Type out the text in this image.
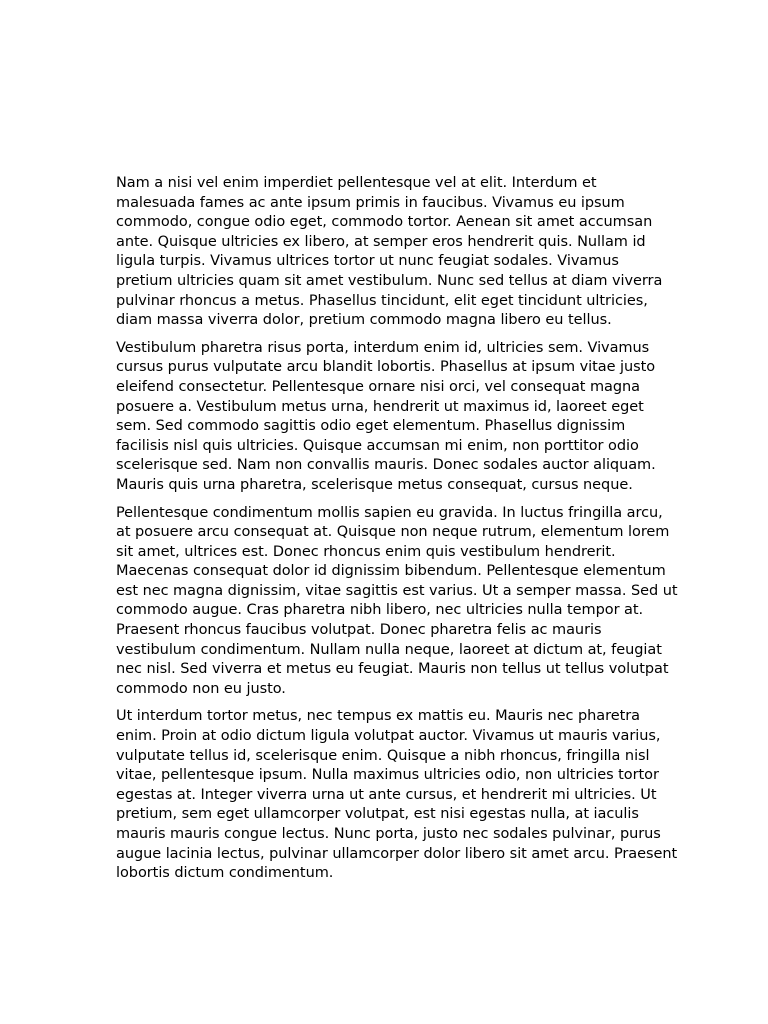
Nam a nisi vel enim imperdiet pellentesque vel at elit. Interdum et malesuada fames ac ante ipsum primis in faucibus. Vivamus eu ipsum commodo, congue odio eget, commodo tortor. Aenean sit amet accumsan ante. Quisque ultricies ex libero, at semper eros hendrerit quis. Nullam id ligula turpis. Vivamus ultrices tortor ut nunc feugiat sodales. Vivamus pretium ultricies quam sit amet vestibulum. Nunc sed tellus at diam viverra pulvinar rhoncus a metus. Phasellus tincidunt, elit eget tincidunt ultricies, diam massa viverra dolor, pretium commodo magna libero eu tellus.

Vestibulum pharetra risus porta, interdum enim id, ultricies sem. Vivamus cursus purus vulputate arcu blandit lobortis. Phasellus at ipsum vitae justo eleifend consectetur. Pellentesque ornare nisi orci, vel consequat magna posuere a. Vestibulum metus urna, hendrerit ut maximus id, laoreet eget sem. Sed commodo sagittis odio eget elementum. Phasellus dignissim facilisis nisl quis ultricies. Quisque accumsan mi enim, non porttitor odio scelerisque sed. Nam non convallis mauris. Donec sodales auctor aliquam. Mauris quis urna pharetra, scelerisque metus consequat, cursus neque.

Pellentesque condimentum mollis sapien eu gravida. In luctus fringilla arcu, at posuere arcu consequat at. Quisque non neque rutrum, elementum lorem sit amet, ultrices est. Donec rhoncus enim quis vestibulum hendrerit. Maecenas consequat dolor id dignissim bibendum. Pellentesque elementum est nec magna dignissim, vitae sagittis est varius. Ut a semper massa. Sed ut commodo augue. Cras pharetra nibh libero, nec ultricies nulla tempor at. Praesent rhoncus faucibus volutpat. Donec pharetra felis ac mauris vestibulum condimentum. Nullam nulla neque, laoreet at dictum at, feugiat nec nisl. Sed viverra et metus eu feugiat. Mauris non tellus ut tellus volutpat commodo non eu justo.

Ut interdum tortor metus, nec tempus ex mattis eu. Mauris nec pharetra enim. Proin at odio dictum ligula volutpat auctor. Vivamus ut mauris varius, vulputate tellus id, scelerisque enim. Quisque a nibh rhoncus, fringilla nisl vitae, pellentesque ipsum. Nulla maximus ultricies odio, non ultricies tortor egestas at. Integer viverra urna ut ante cursus, et hendrerit mi ultricies. Ut pretium, sem eget ullamcorper volutpat, est nisi egestas nulla, at iaculis mauris mauris congue lectus. Nunc porta, justo nec sodales pulvinar, purus augue lacinia lectus, pulvinar ullamcorper dolor libero sit amet arcu. Praesent lobortis dictum condimentum.
